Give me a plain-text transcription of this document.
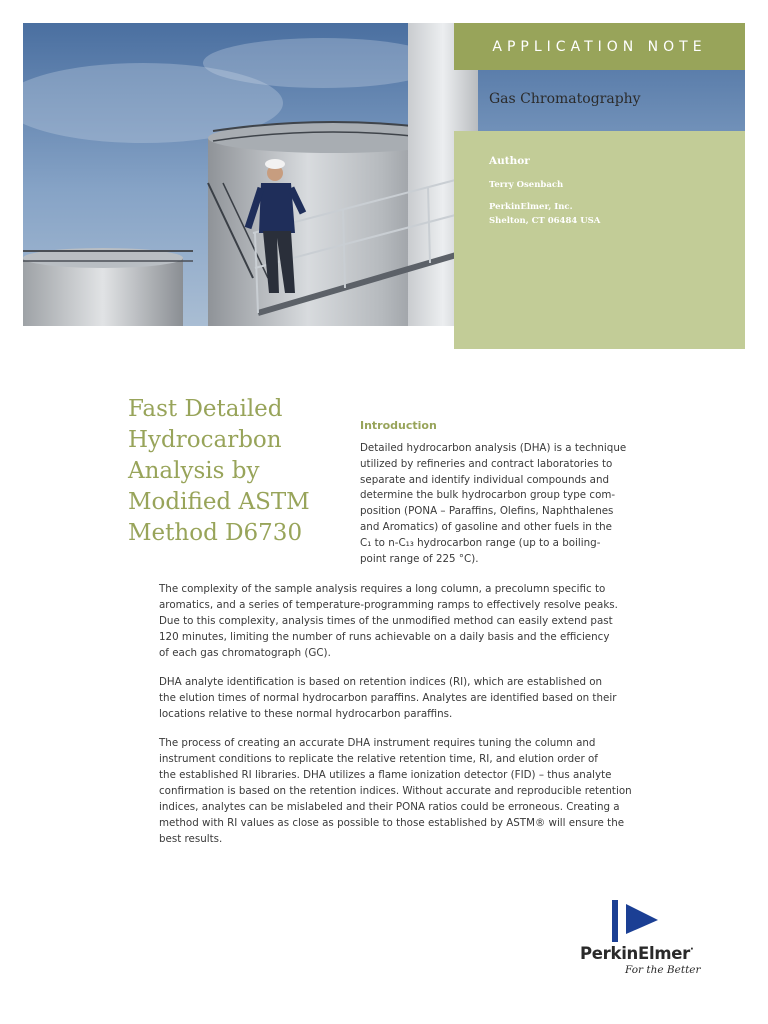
APPLICATION NOTE
Gas Chromatography
Author
Terry Osenbach
PerkinElmer, Inc.
Shelton, CT 06484 USA
Fast Detailed
Hydrocarbon
Analysis by
Modified ASTM
Method D6730
Introduction
Detailed hydrocarbon analysis (DHA) is a technique
utilized by refineries and contract laboratories to
separate and identify individual compounds and
determine the bulk hydrocarbon group type com-
position (PONA – Paraffins, Olefins, Naphthalenes
and Aromatics) of gasoline and other fuels in the
C₁ to n-C₁₃ hydrocarbon range (up to a boiling-
point range of 225 °C).
The complexity of the sample analysis requires a long column, a precolumn specific to
aromatics, and a series of temperature-programming ramps to effectively resolve peaks.
Due to this complexity, analysis times of the unmodified method can easily extend past
120 minutes, limiting the number of runs achievable on a daily basis and the efficiency
of each gas chromatograph (GC).
DHA analyte identification is based on retention indices (RI), which are established on
the elution times of normal hydrocarbon paraffins. Analytes are identified based on their
locations relative to these normal hydrocarbon paraffins.
The process of creating an accurate DHA instrument requires tuning the column and
instrument conditions to replicate the relative retention time, RI, and elution order of
the established RI libraries. DHA utilizes a flame ionization detector (FID) – thus analyte
confirmation is based on the retention indices. Without accurate and reproducible retention
indices, analytes can be mislabeled and their PONA ratios could be erroneous. Creating a
method with RI values as close as possible to those established by ASTM® will ensure the
best results.
PerkinElmer·
For the Better
